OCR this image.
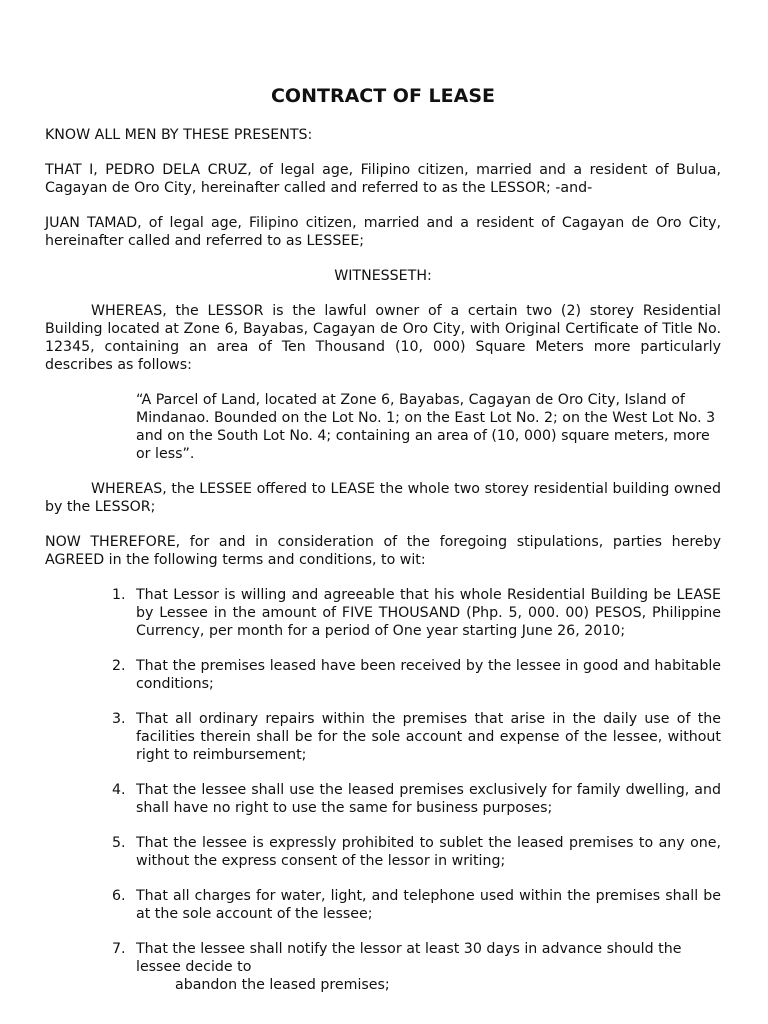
CONTRACT OF LEASE

KNOW ALL MEN BY THESE PRESENTS:

THAT I, PEDRO DELA CRUZ, of legal age, Filipino citizen, married and a resident of Bulua, Cagayan de Oro City, hereinafter called and referred to as the LESSOR; -and-

JUAN TAMAD, of legal age, Filipino citizen, married and a resident of Cagayan de Oro City, hereinafter called and referred to as LESSEE;

WITNESSETH:

WHEREAS, the LESSOR is the lawful owner of a certain two (2) storey Residential Building located at Zone 6, Bayabas, Cagayan de Oro City, with Original Certificate of Title No. 12345, containing an area of Ten Thousand (10, 000) Square Meters more particularly describes as follows:

“A Parcel of Land, located at Zone 6, Bayabas, Cagayan de Oro City, Island of Mindanao. Bounded on the Lot No. 1; on the East Lot No. 2; on the West Lot No. 3 and on the South Lot No. 4; containing an area of (10, 000) square meters, more or less”.

WHEREAS, the LESSEE offered to LEASE the whole two storey residential building owned by the LESSOR;

NOW THEREFORE, for and in consideration of the foregoing stipulations, parties hereby AGREED in the following terms and conditions, to wit:

1. That Lessor is willing and agreeable that his whole Residential Building be LEASE by Lessee in the amount of FIVE THOUSAND (Php. 5, 000. 00) PESOS, Philippine Currency, per month for a period of One year starting June 26, 2010;
2. That the premises leased have been received by the lessee in good and habitable conditions;
3. That all ordinary repairs within the premises that arise in the daily use of the facilities therein shall be for the sole account and expense of the lessee, without right to reimbursement;
4. That the lessee shall use the leased premises exclusively for family dwelling, and shall have no right to use the same for business purposes;
5. That the lessee is expressly prohibited to sublet the leased premises to any one, without the express consent of the lessor in writing;
6. That all charges for water, light, and telephone used within the premises shall be at the sole account of the lessee;
7. That the lessee shall notify the lessor at least 30 days in advance should the
lessee decide to
abandon the leased premises;
